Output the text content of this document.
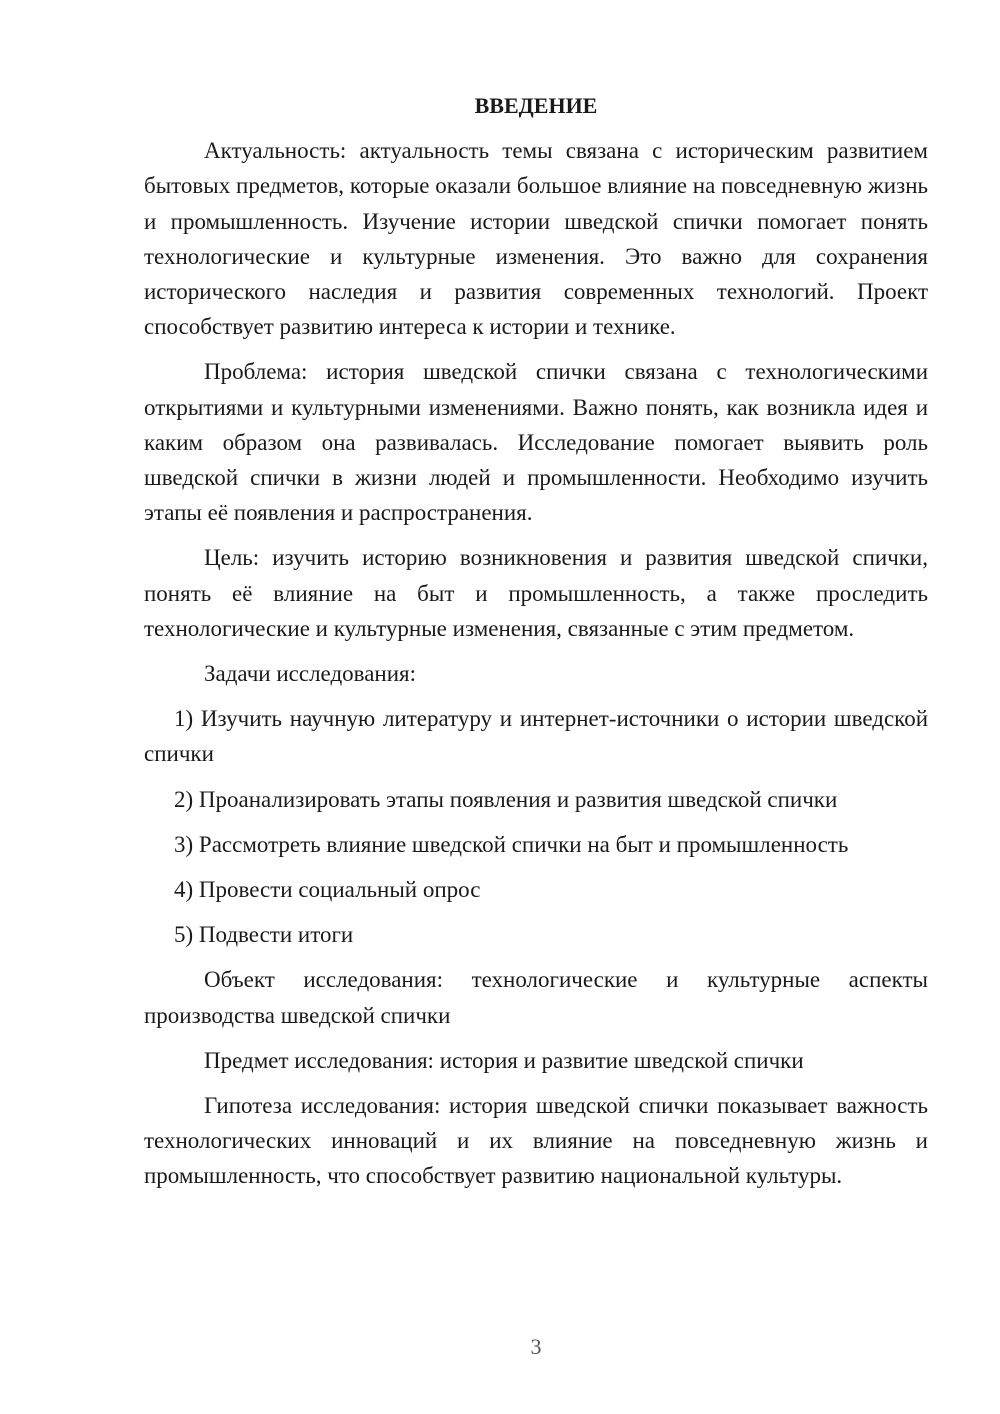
ВВЕДЕНИЕ

Актуальность: актуальность темы связана с историческим развитием бытовых предметов, которые оказали большое влияние на повседневную жизнь и промышленность. Изучение истории шведской спички помогает понять технологические и культурные изменения. Это важно для сохранения исторического наследия и развития современных технологий. Проект способствует развитию интереса к истории и технике.

Проблема: история шведской спички связана с технологическими открытиями и культурными изменениями. Важно понять, как возникла идея и каким образом она развивалась. Исследование помогает выявить роль шведской спички в жизни людей и промышленности. Необходимо изучить этапы её появления и распространения.

Цель: изучить историю возникновения и развития шведской спички, понять её влияние на быт и промышленность, а также проследить технологические и культурные изменения, связанные с этим предметом.

Задачи исследования:
1) Изучить научную литературу и интернет-источники о истории шведской спички
2) Проанализировать этапы появления и развития шведской спички
3) Рассмотреть влияние шведской спички на быт и промышленность
4) Провести социальный опрос
5) Подвести итоги

Объект исследования: технологические и культурные аспекты производства шведской спички

Предмет исследования: история и развитие шведской спички

Гипотеза исследования: история шведской спички показывает важность технологических инноваций и их влияние на повседневную жизнь и промышленность, что способствует развитию национальной культуры.

3
